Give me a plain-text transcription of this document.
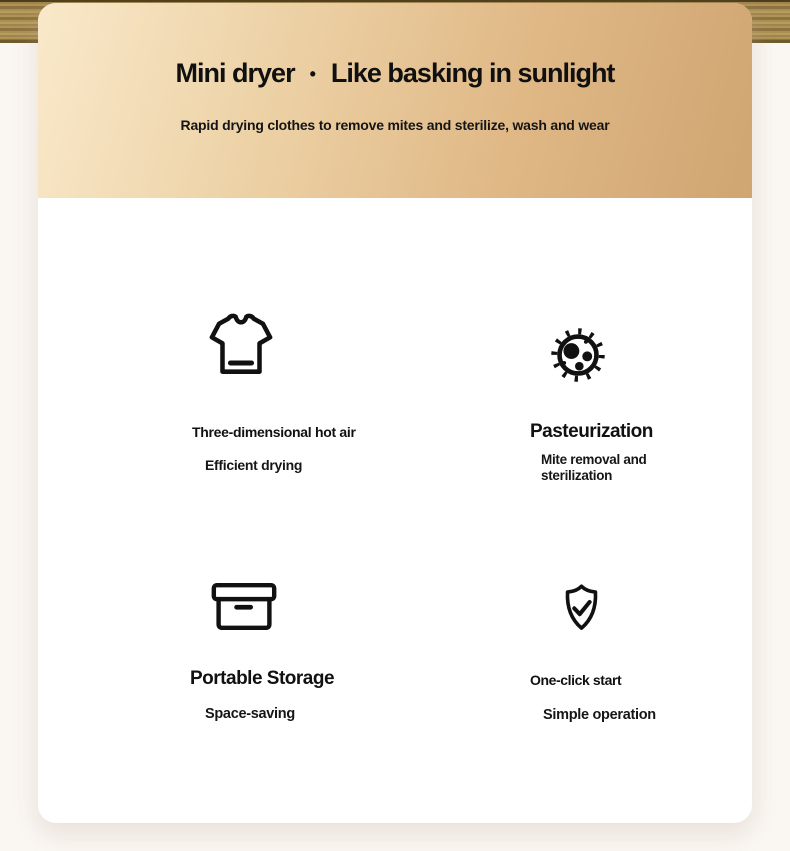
Mini dryer • Like basking in sunlight

Rapid drying clothes to remove mites and sterilize, wash and wear

Three-dimensional hot air
Efficient drying
Pasteurization
Mite removal and sterilization
Portable Storage
Space-saving
One-click start
Simple operation
